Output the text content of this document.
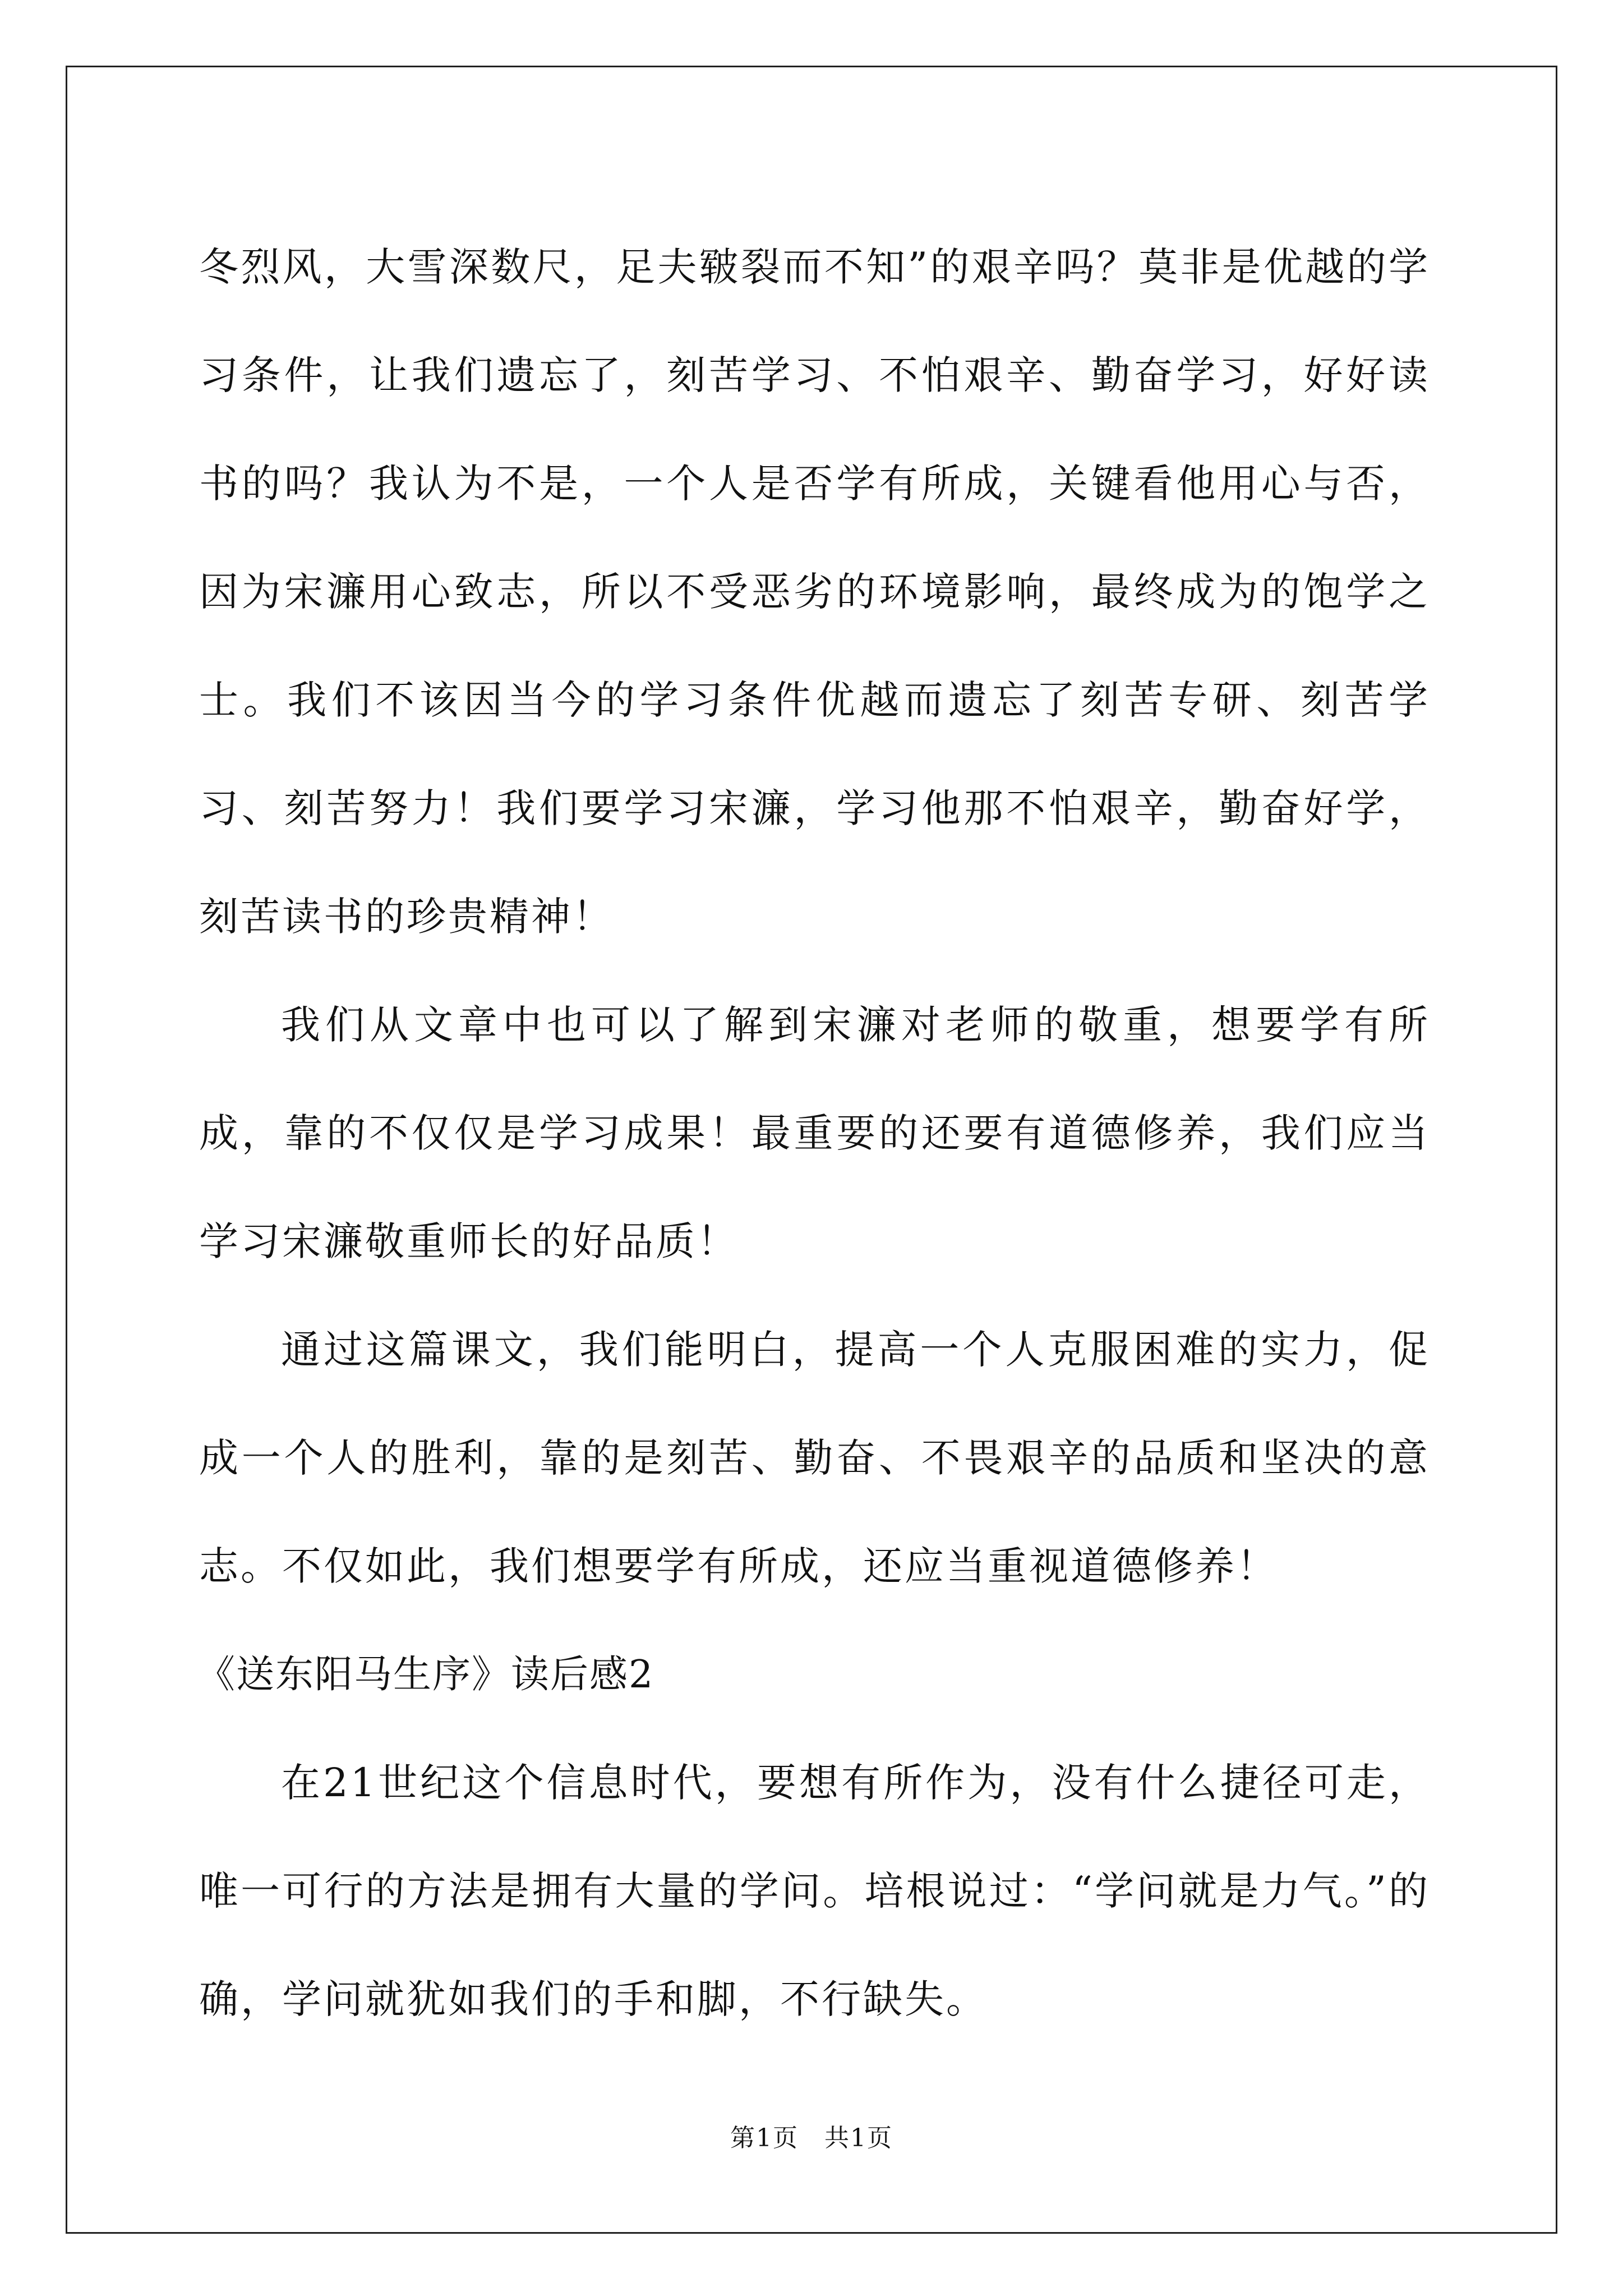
冬烈风，大雪深数尺，足夫皲裂而不知”的艰辛吗？莫非是优越的学习条件，让我们遗忘了，刻苦学习、不怕艰辛、勤奋学习，好好读书的吗？我认为不是，一个人是否学有所成，关键看他用心与否，因为宋濂用心致志，所以不受恶劣的环境影响，最终成为的饱学之士。我们不该因当今的学习条件优越而遗忘了刻苦专研、刻苦学习、刻苦努力！我们要学习宋濂，学习他那不怕艰辛，勤奋好学，刻苦读书的珍贵精神！

我们从文章中也可以了解到宋濂对老师的敬重，想要学有所成，靠的不仅仅是学习成果！最重要的还要有道德修养，我们应当学习宋濂敬重师长的好品质！

通过这篇课文，我们能明白，提高一个人克服困难的实力，促成一个人的胜利，靠的是刻苦、勤奋、不畏艰辛的品质和坚决的意志。不仅如此，我们想要学有所成，还应当重视道德修养！

《送东阳马生序》读后感2

在21世纪这个信息时代，要想有所作为，没有什么捷径可走，唯一可行的方法是拥有大量的学问。培根说过：“学问就是力气。”的确，学问就犹如我们的手和脚，不行缺失。

第1页　共1页
